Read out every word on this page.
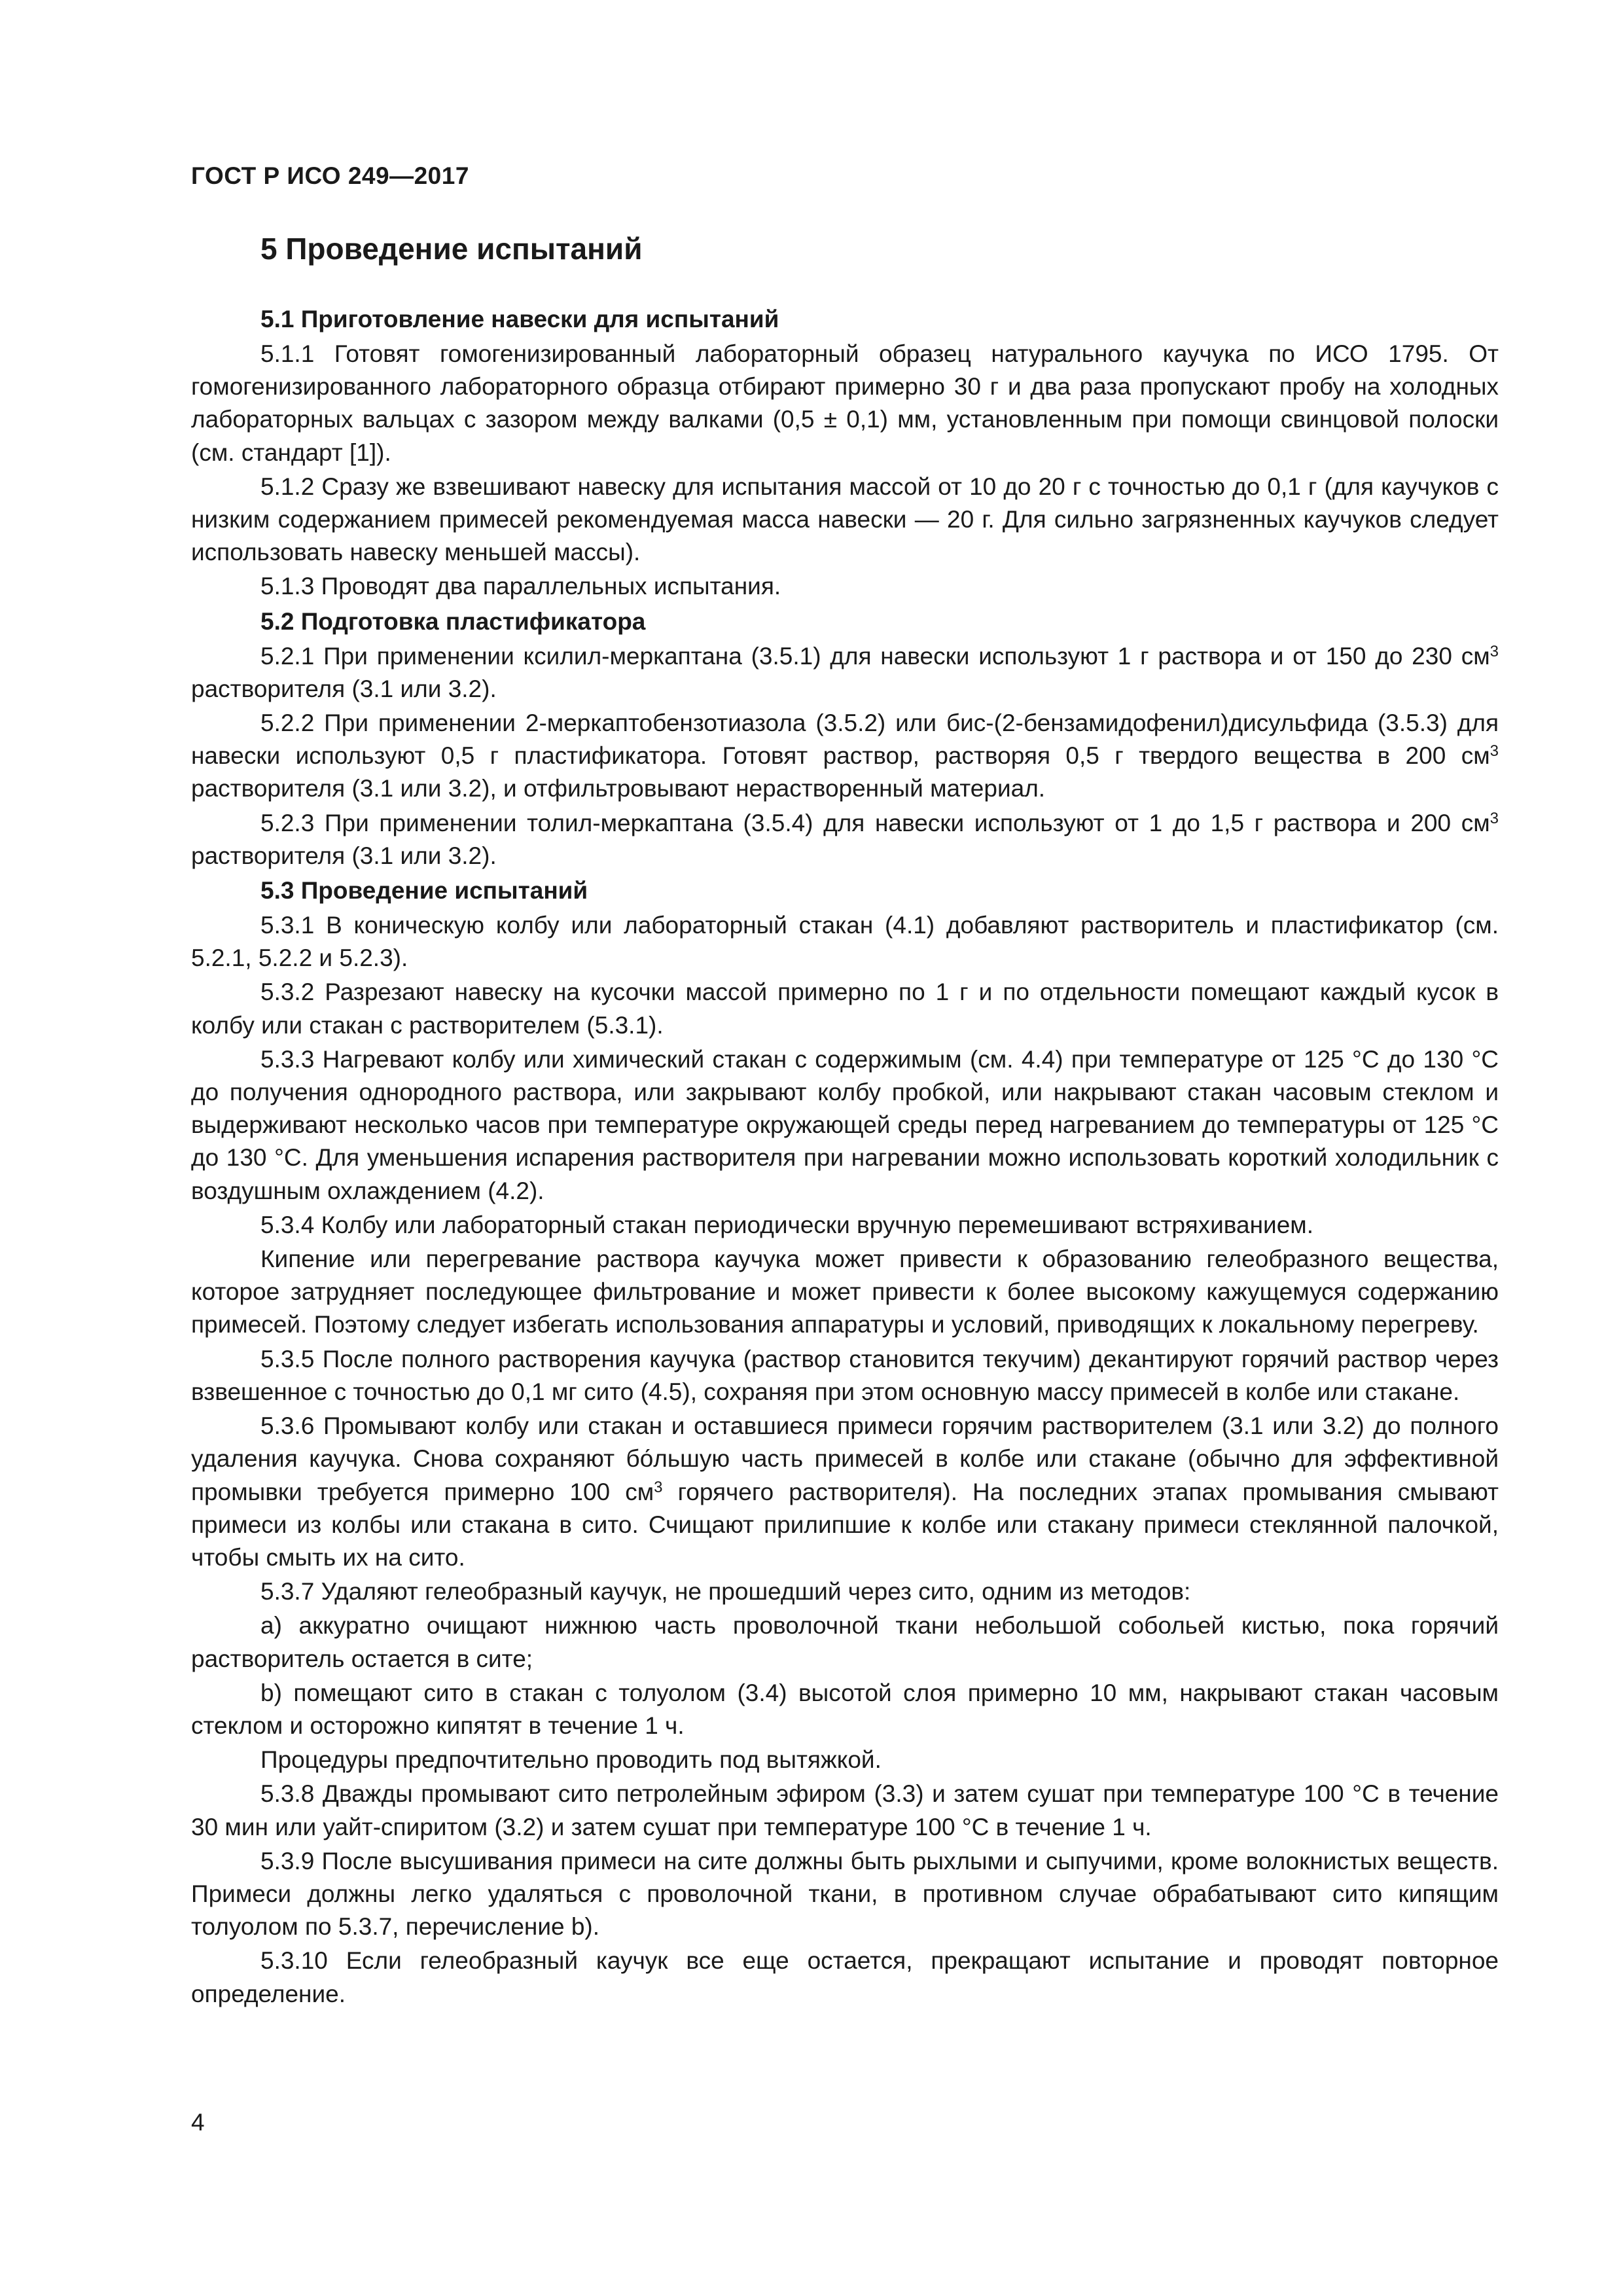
ГОСТ Р ИСО 249—2017
5 Проведение испытаний
5.1 Приготовление навески для испытаний

5.1.1 Готовят гомогенизированный лабораторный образец натурального каучука по ИСО 1795. От гомогенизированного лабораторного образца отбирают примерно 30 г и два раза пропускают пробу на холодных лабораторных вальцах с зазором между валками (0,5 ± 0,1) мм, установленным при помощи свинцовой полоски (см. стандарт [1]).

5.1.2 Сразу же взвешивают навеску для испытания массой от 10 до 20 г с точностью до 0,1 г (для каучуков с низким содержанием примесей рекомендуемая масса навески — 20 г. Для сильно загрязненных каучуков следует использовать навеску меньшей массы).

5.1.3 Проводят два параллельных испытания.

5.2 Подготовка пластификатора

5.2.1 При применении ксилил-меркаптана (3.5.1) для навески используют 1 г раствора и от 150 до 230 $см^3$ растворителя (3.1 или 3.2).

5.2.2 При применении 2-меркаптобензотиазола (3.5.2) или бис-(2-бензамидофенил)дисульфида (3.5.3) для навески используют 0,5 г пластификатора. Готовят раствор, растворяя 0,5 г твердого вещества в 200 $см^3$ растворителя (3.1 или 3.2), и отфильтровывают нерастворенный материал.

5.2.3 При применении толил-меркаптана (3.5.4) для навески используют от 1 до 1,5 г раствора и 200 $см^3$ растворителя (3.1 или 3.2).

5.3 Проведение испытаний

5.3.1 В коническую колбу или лабораторный стакан (4.1) добавляют растворитель и пластификатор (см. 5.2.1, 5.2.2 и 5.2.3).

5.3.2 Разрезают навеску на кусочки массой примерно по 1 г и по отдельности помещают каждый кусок в колбу или стакан с растворителем (5.3.1).

5.3.3 Нагревают колбу или химический стакан с содержимым (см. 4.4) при температуре от 125 °С до 130 °С до получения однородного раствора, или закрывают колбу пробкой, или накрывают стакан часовым стеклом и выдерживают несколько часов при температуре окружающей среды перед нагреванием до температуры от 125 °С до 130 °С. Для уменьшения испарения растворителя при нагревании можно использовать короткий холодильник с воздушным охлаждением (4.2).

5.3.4 Колбу или лабораторный стакан периодически вручную перемешивают встряхиванием.

Кипение или перегревание раствора каучука может привести к образованию гелеобразного вещества, которое затрудняет последующее фильтрование и может привести к более высокому кажущемуся содержанию примесей. Поэтому следует избегать использования аппаратуры и условий, приводящих к локальному перегреву.

5.3.5 После полного растворения каучука (раствор становится текучим) декантируют горячий раствор через взвешенное с точностью до 0,1 мг сито (4.5), сохраняя при этом основную массу примесей в колбе или стакане.

5.3.6 Промывают колбу или стакан и оставшиеся примеси горячим растворителем (3.1 или 3.2) до полного удаления каучука. Снова сохраняют бо́льшую часть примесей в колбе или стакане (обычно для эффективной промывки требуется примерно 100 $см^3$ горячего растворителя). На последних этапах промывания смывают примеси из колбы или стакана в сито. Счищают прилипшие к колбе или стакану примеси стеклянной палочкой, чтобы смыть их на сито.

5.3.7 Удаляют гелеобразный каучук, не прошедший через сито, одним из методов:

а) аккуратно очищают нижнюю часть проволочной ткани небольшой собольей кистью, пока горячий растворитель остается в сите;

b) помещают сито в стакан с толуолом (3.4) высотой слоя примерно 10 мм, накрывают стакан часовым стеклом и осторожно кипятят в течение 1 ч.

Процедуры предпочтительно проводить под вытяжкой.

5.3.8 Дважды промывают сито петролейным эфиром (3.3) и затем сушат при температуре 100 °С в течение 30 мин или уайт-спиритом (3.2) и затем сушат при температуре 100 °С в течение 1 ч.

5.3.9 После высушивания примеси на сите должны быть рыхлыми и сыпучими, кроме волокнистых веществ. Примеси должны легко удаляться с проволочной ткани, в противном случае обрабатывают сито кипящим толуолом по 5.3.7, перечисление b).

5.3.10 Если гелеобразный каучук все еще остается, прекращают испытание и проводят повторное определение.

4
